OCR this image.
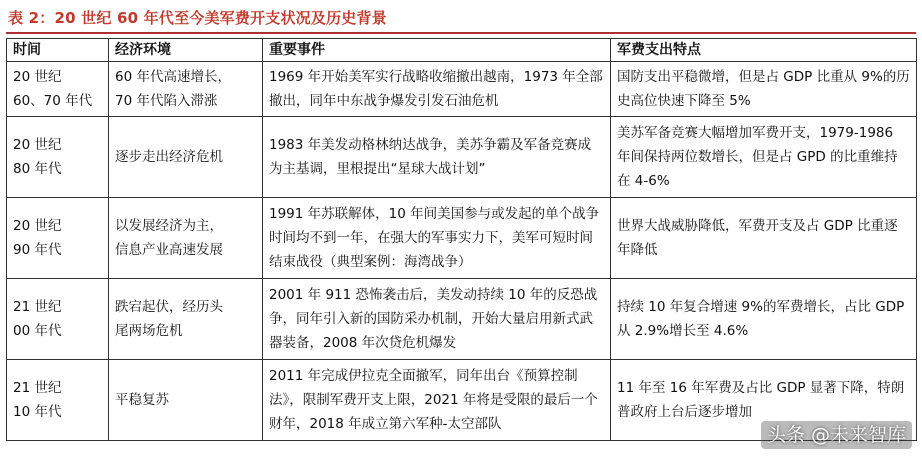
表 2：20 世纪 60 年代至今美军费开支状况及历史背景
时间	经济环境	重要事件	军费支出特点
20 世纪
60、70 年代	60 年代高速增长，
70 年代陷入滞涨	1969 年开始美军实行战略收缩撤出越南，1973 年全部撤出，同年中东战争爆发引发石油危机	国防支出平稳微增，但是占 GDP 比重从 9%的历史高位快速下降至 5%
20 世纪
80 年代	逐步走出经济危机	1983 年美发动格林纳达战争，美苏争霸及军备竞赛成为主基调，里根提出“星球大战计划”	美苏军备竞赛大幅增加军费开支，1979-1986 年间保持两位数增长，但是占 GPD 的比重维持在 4-6%
20 世纪
90 年代	以发展经济为主，
信息产业高速发展	1991 年苏联解体，10 年间美国参与或发起的单个战争时间均不到一年，在强大的军事实力下，美军可短时间结束战役（典型案例：海湾战争）	世界大战威胁降低，军费开支及占 GDP 比重逐年降低
21 世纪
00 年代	跌宕起伏，经历头
尾两场危机	2001 年 911 恐怖袭击后，美发动持续 10 年的反恐战争，同年引入新的国防采办机制，开始大量启用新式武器装备，2008 年次贷危机爆发	持续 10 年复合增速 9%的军费增长，占比 GDP 从 2.9%增长至 4.6%
21 世纪
10 年代	平稳复苏	2011 年完成伊拉克全面撤军，同年出台《预算控制法》，限制军费开支上限，2021 年将是受限的最后一个财年，2018 年成立第六军种-太空部队	11 年至 16 年军费及占比 GDP 显著下降，特朗普政府上台后逐步增加
头条 @未来智库
